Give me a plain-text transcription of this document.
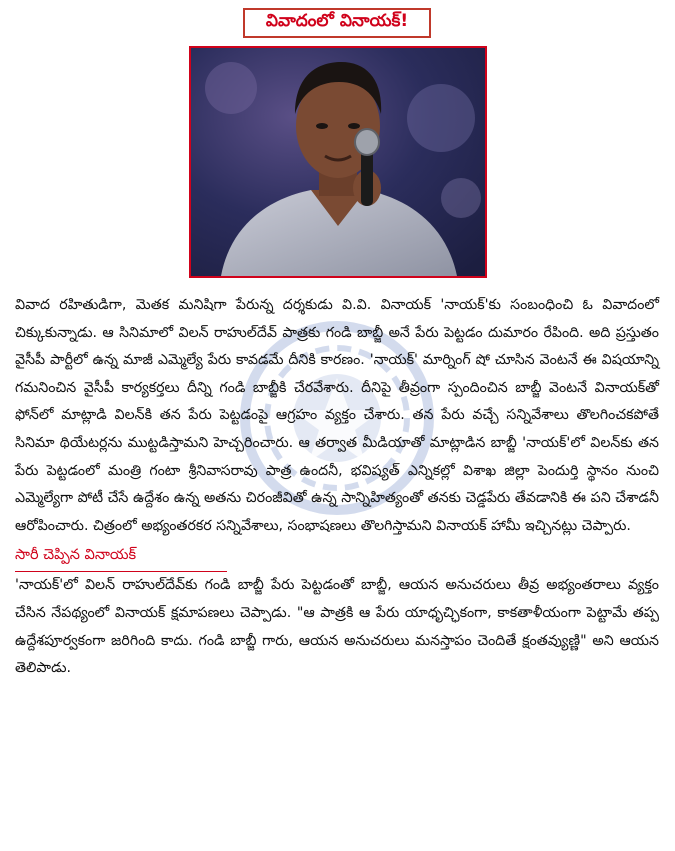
వివాదంలో వినాయక్!

వివాద రహితుడిగా, మెతక మనిషిగా పేరున్న దర్శకుడు వి.వి. వినాయక్ 'నాయక్'కు సంబంధించి ఓ వివాదంలో చిక్కుకున్నాడు. ఆ సినిమాలో విలన్ రాహుల్‌దేవ్ పాత్రకు గండి బాబ్జీ అనే పేరు పెట్టడం దుమారం రేపింది. అది ప్రస్తుతం వైసీపీ పార్టీలో ఉన్న మాజీ ఎమ్మెల్యే పేరు కావడమే దీనికి కారణం. 'నాయక్' మార్నింగ్ షో చూసిన వెంటనే ఈ విషయాన్ని గమనించిన వైసీపీ కార్యకర్తలు దీన్ని గండి బాబ్జీకి చేరవేశారు. దీనిపై తీవ్రంగా స్పందించిన బాబ్జీ వెంటనే వినాయక్‌తో ఫోన్‌లో మాట్లాడి విలన్‌కి తన పేరు పెట్టడంపై ఆగ్రహం వ్యక్తం చేశారు. తన పేరు వచ్చే సన్నివేశాలు తొలగించకపోతే సినిమా థియేటర్లను ముట్టడిస్తామని హెచ్చరించారు. ఆ తర్వాత మీడియాతో మాట్లాడిన బాబ్జీ 'నాయక్'లో విలన్‌కు తన పేరు పెట్టడంలో మంత్రి గంటా శ్రీనివాసరావు పాత్ర ఉందనీ, భవిష్యత్ ఎన్నికల్లో విశాఖ జిల్లా పెందుర్తి స్థానం నుంచి ఎమ్మెల్యేగా పోటీ చేసే ఉద్దేశం ఉన్న అతను చిరంజీవితో ఉన్న సాన్నిహిత్యంతో తనకు చెడ్డపేరు తేవడానికి ఈ పని చేశాడనీ ఆరోపించారు. చిత్రంలో అభ్యంతరకర సన్నివేశాలు, సంభాషణలు తొలగిస్తామని వినాయక్ హామీ ఇచ్చినట్లు చెప్పారు.

సారీ చెప్పిన వినాయక్

'నాయక్'లో విలన్ రాహుల్‌దేవ్‌కు గండి బాబ్జీ పేరు పెట్టడంతో బాబ్జీ, ఆయన అనుచరులు తీవ్ర అభ్యంతరాలు వ్యక్తం చేసిన నేపథ్యంలో వినాయక్ క్షమాపణలు చెప్పాడు. "ఆ పాత్రకి ఆ పేరు యాధృచ్ఛికంగా, కాకతాళీయంగా పెట్టామే తప్ప ఉద్దేశపూర్వకంగా జరిగింది కాదు. గండి బాబ్జీ గారు, ఆయన అనుచరులు మనస్తాపం చెందితే క్షంతవ్యుణ్ణి" అని ఆయన తెలిపాడు.
